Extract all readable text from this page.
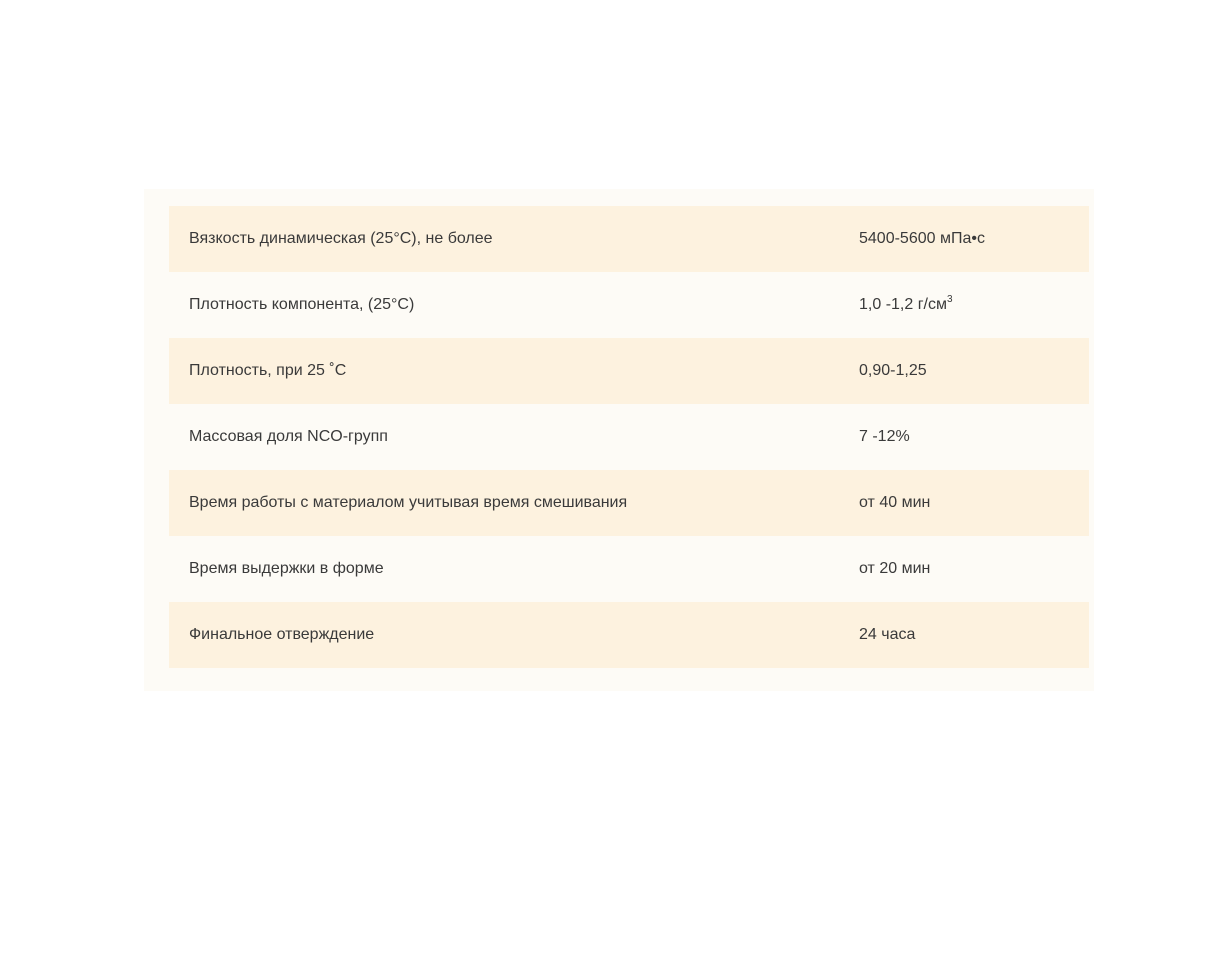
Вязкость динамическая (25°C), не более	5400-5600 мПа•с
Плотность компонента, (25°C)	1,0 -1,2 $г/см^3$
Плотность, при 25 ˚С	0,90-1,25
Массовая доля NCO-групп	7 -12%
Время работы с материалом учитывая время смешивания	от 40 мин
Время выдержки в форме	от 20 мин
Финальное отверждение	24 часа
